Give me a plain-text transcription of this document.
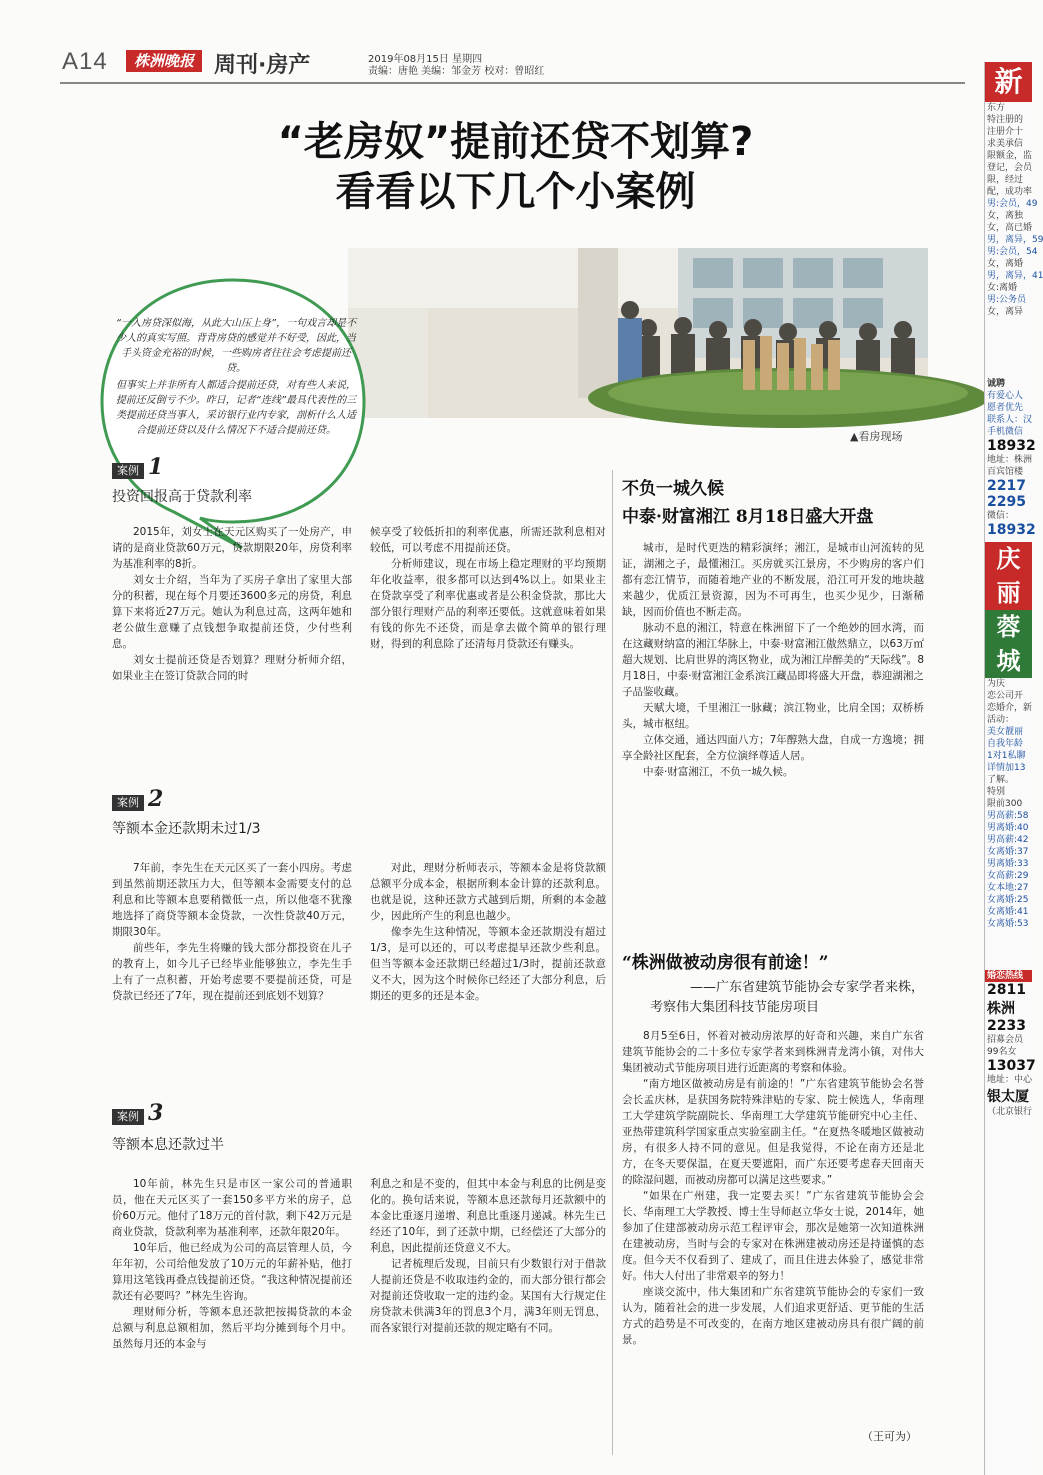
A14	株洲晚报 周刊·房产	2019年08月15日 星期四
责编：唐艳 美编：邹金芳 校对：曾昭红
“老房奴”提前还贷不划算?
看看以下几个小案例
▲看房现场

“一入房贷深似海，从此大山压上身”，一句戏言却是不少人的真实写照。背背房贷的感觉并不好受，因此，当手头资金充裕的时候，一些购房者往往会考虑提前还贷。

但事实上并非所有人都适合提前还贷，对有些人来说，提前还反倒亏不少。昨日，记者“连线”最具代表性的三类提前还贷当事人，采访银行业内专家，剖析什么人适合提前还贷以及什么情况下不适合提前还贷。

案例 1
投资回报高于贷款利率

2015年，刘女士在天元区购买了一处房产，申请的是商业贷款60万元，贷款期限20年，房贷利率为基准利率的8折。

刘女士介绍，当年为了买房子拿出了家里大部分的积蓄，现在每个月要还3600多元的房贷，利息算下来将近27万元。她认为利息过高，这两年她和老公做生意赚了点钱想争取提前还贷，少付些利息。

刘女士提前还贷是否划算？理财分析师介绍，如果业主在签订贷款合同的时

候享受了较低折扣的利率优惠，所需还款利息相对较低，可以考虑不用提前还贷。

分析师建议，现在市场上稳定理财的平均预期年化收益率，很多都可以达到4%以上。如果业主在贷款享受了利率优惠或者是公积金贷款，那比大部分银行理财产品的利率还要低。这就意味着如果有钱的你先不还贷，而是拿去做个简单的银行理财，得到的利息除了还清每月贷款还有赚头。

案例 2
等额本金还款期未过1/3

7年前，李先生在天元区买了一套小四房。考虑到虽然前期还款压力大，但等额本金需要支付的总利息和比等额本息要稍微低一点，所以他毫不犹豫地选择了商贷等额本金贷款，一次性贷款40万元，期限30年。

前些年，李先生将赚的钱大部分都投资在儿子的教育上，如今儿子已经毕业能够独立，李先生手上有了一点积蓄，开始考虑要不要提前还贷，可是贷款已经还了7年，现在提前还到底划不划算？

对此，理财分析师表示，等额本金是将贷款额总额平分成本金，根据所剩本金计算的还款利息。也就是说，这种还款方式越到后期，所剩的本金越少，因此所产生的利息也越少。

像李先生这种情况，等额本金还款期没有超过1/3，是可以还的，可以考虑提早还款少些利息。但当等额本金还款期已经超过1/3时，提前还款意义不大，因为这个时候你已经还了大部分利息，后期还的更多的还是本金。

案例 3
等额本息还款过半

10年前，林先生只是市区一家公司的普通职员，他在天元区买了一套150多平方米的房子，总价60万元。他付了18万元的首付款，剩下42万元是商业贷款，贷款利率为基准利率，还款年限20年。

10年后，他已经成为公司的高层管理人员，今年年初，公司给他发放了10万元的年薪补贴，他打算用这笔钱再叠点钱提前还贷。“我这种情况提前还款还有必要吗？”林先生咨询。

理财师分析，等额本息还款把按揭贷款的本金总额与利息总额相加，然后平均分摊到每个月中。虽然每月还的本金与

利息之和是不变的，但其中本金与利息的比例是变化的。换句话来说，等额本息还款每月还款额中的本金比重逐月递增、利息比重逐月递减。林先生已经还了10年，到了还款中期，已经偿还了大部分的利息，因此提前还贷意义不大。

记者梳理后发现，目前只有少数银行对于借款人提前还贷是不收取违约金的，而大部分银行都会对提前还贷收取一定的违约金。某国有大行规定住房贷款未供满3年的罚息3个月，满3年则无罚息，而各家银行对提前还款的规定略有不同。

不负一城久候
中泰·财富湘江 8月18日盛大开盘

城市，是时代更迭的精彩演绎；湘江，是城市山河流转的见证，湖湘之子，最懂湘江。买房就买江景房，不少购房的客户们都有恋江情节，而随着地产业的不断发展，沿江可开发的地块越来越少，优质江景资源，因为不可再生，也买少见少，日渐稀缺，因而价值也不断走高。

脉动不息的湘江，特意在株洲留下了一个绝妙的回水湾，而在这藏财纳富的湘江华脉上，中泰·财富湘江傲然鼎立，以63万㎡超大规划、比肩世界的湾区物业，成为湘江岸醉美的“天际线”。8月18日，中泰·财富湘江金系滨江藏品即将盛大开盘，恭迎湖湘之子品鉴收藏。

天赋大境，千里湘江一脉藏；滨江物业，比肩全国；双桥桥头，城市枢纽。

立体交通，通达四面八方；7年醇熟大盘，自成一方逸境；拥享全龄社区配套，全方位演绎尊适人居。

中泰·财富湘江，不负一城久候。

“株洲做被动房很有前途！”
——广东省建筑节能协会专家学者来株，
考察伟大集团科技节能房项目

8月5至6日，怀着对被动房浓厚的好奇和兴趣，来自广东省建筑节能协会的二十多位专家学者来到株洲青龙湾小镇，对伟大集团被动式节能房项目进行近距离的考察和体验。

“南方地区做被动房是有前途的！”广东省建筑节能协会名誉会长孟庆林，是获国务院特殊津贴的专家、院士候选人，华南理工大学建筑学院副院长、华南理工大学建筑节能研究中心主任、亚热带建筑科学国家重点实验室副主任。“在夏热冬暖地区做被动房，有很多人持不同的意见。但是我觉得，不论在南方还是北方，在冬天要保温，在夏天要遮阳，而广东还要考虑春天回南天的除湿问题，而被动房都可以满足这些要求。”

“如果在广州建，我一定要去买！”广东省建筑节能协会会长、华南理工大学教授、博士生导师赵立华女士说，2014年，她参加了住建部被动房示范工程评审会，那次是她第一次知道株洲在建被动房，当时与会的专家对在株洲建被动房还是持谨慎的态度。但今天不仅看到了、建成了，而且住进去体验了，感觉非常好。伟大人付出了非常艰辛的努力！

座谈交流中，伟大集团和广东省建筑节能协会的专家们一致认为，随着社会的进一步发展，人们追求更舒适、更节能的生活方式的趋势是不可改变的，在南方地区建被动房具有很广阔的前景。

（王可为）
新
东方
特注册的
注册介十
求美承信
限额金，监
登记，会员
限，经过
配，成功率
男:会员，49
女，离独
女，高已婚
男，离异，59
男:会员，54
女，离婚
男，离异，41
女:离婚
男:公务员
女，离异
诚聘
有爱心人
愿者优先
联系人：汉
手机微信
18932
地址：株洲
百宾馆楼
2217
2295
微信：
18932
庆丽
蓉城
为庆
恋公司开
恋婚介，新
活动：
美女靓丽
自我年龄
1对1私聊
详情加13
了解。
特别
限前300
男高薪:58
男离婚:40
男高薪:42
女离婚:37
男离婚:33
女高薪:29
女本地:27
女离婚:25
女离婚:41
女离婚:53
婚恋热线
2811
株洲
2233
招募会员
99名女
13037
地址：中心
银太厦
（北京银行
